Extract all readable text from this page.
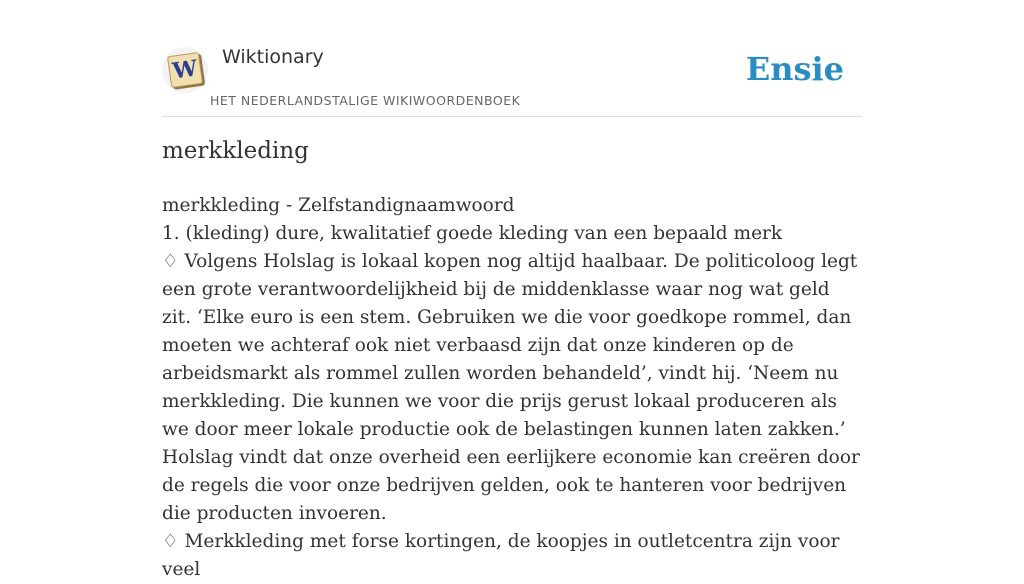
W Wiktionary
HET NEDERLANDSTALIGE WIKIWOORDENBOEK
Ensie
merkkleding

merkkleding - Zelfstandignaamwoord

1. (kleding) dure, kwalitatief goede kleding van een bepaald merk

♢ Volgens Holslag is lokaal kopen nog altijd haalbaar. De politicoloog legt een grote verantwoordelijkheid bij de middenklasse waar nog wat geld zit. ‘Elke euro is een stem. Gebruiken we die voor goedkope rommel, dan moeten we achteraf ook niet verbaasd zijn dat onze kinderen op de arbeidsmarkt als rommel zullen worden behandeld’, vindt hij. ‘Neem nu merkkleding. Die kunnen we voor die prijs gerust lokaal produceren als we door meer lokale productie ook de belastingen kunnen laten zakken.’ Holslag vindt dat onze overheid een eerlijkere economie kan creëren door de regels die voor onze bedrijven gelden, ook te hanteren voor bedrijven die producten invoeren.

♢ Merkkleding met forse kortingen, de koopjes in outletcentra zijn voor veel
